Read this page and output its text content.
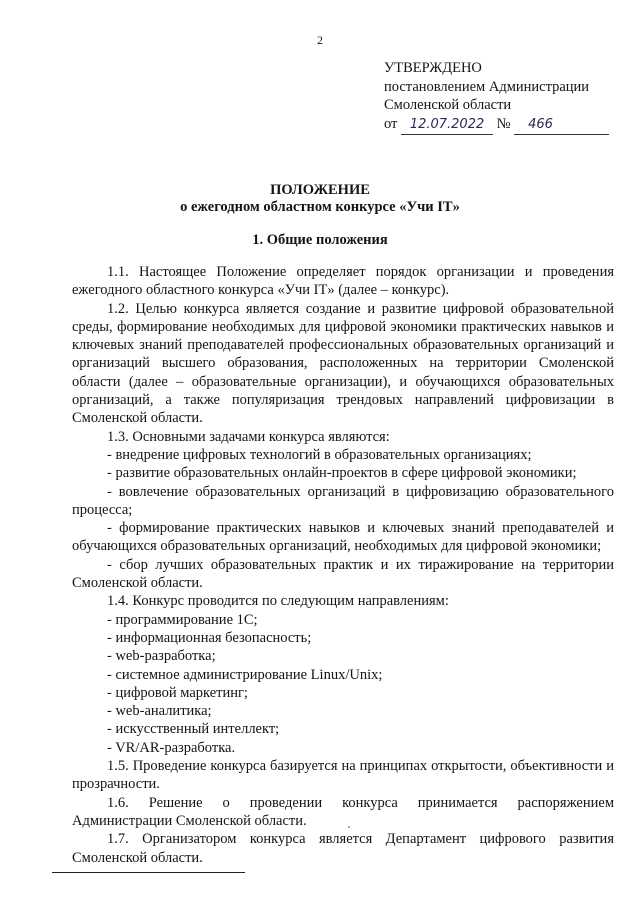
2
УТВЕРЖДЕНО
постановлением Администрации
Смоленской области
от 12.07.2022 № 466
ПОЛОЖЕНИЕ
о ежегодном областном конкурсе «Учи IT»
1. Общие положения

1.1. Настоящее Положение определяет порядок организации и проведения ежегодного областного конкурса «Учи IT» (далее – конкурс).

1.2. Целью конкурса является создание и развитие цифровой образовательной среды, формирование необходимых для цифровой экономики практических навыков и ключевых знаний преподавателей профессиональных образовательных организаций и организаций высшего образования, расположенных на территории Смоленской области (далее – образовательные организации), и обучающихся образовательных организаций, а также популяризация трендовых направлений цифровизации в Смоленской области.

1.3. Основными задачами конкурса являются:

- внедрение цифровых технологий в образовательных организациях;

- развитие образовательных онлайн-проектов в сфере цифровой экономики;

- вовлечение образовательных организаций в цифровизацию образовательного процесса;

- формирование практических навыков и ключевых знаний преподавателей и обучающихся образовательных организаций, необходимых для цифровой экономики;

- сбор лучших образовательных практик и их тиражирование на территории Смоленской области.

1.4. Конкурс проводится по следующим направлениям:

- программирование 1С;

- информационная безопасность;

- web-разработка;

- системное администрирование Linux/Unix;

- цифровой маркетинг;

- web-аналитика;

- искусственный интеллект;

- VR/AR-разработка.

1.5. Проведение конкурса базируется на принципах открытости, объективности и прозрачности.

1.6. Решение о проведении конкурса принимается распоряжением Администрации Смоленской области.

1.7. Организатором конкурса является Департамент цифрового развития Смоленской области.
